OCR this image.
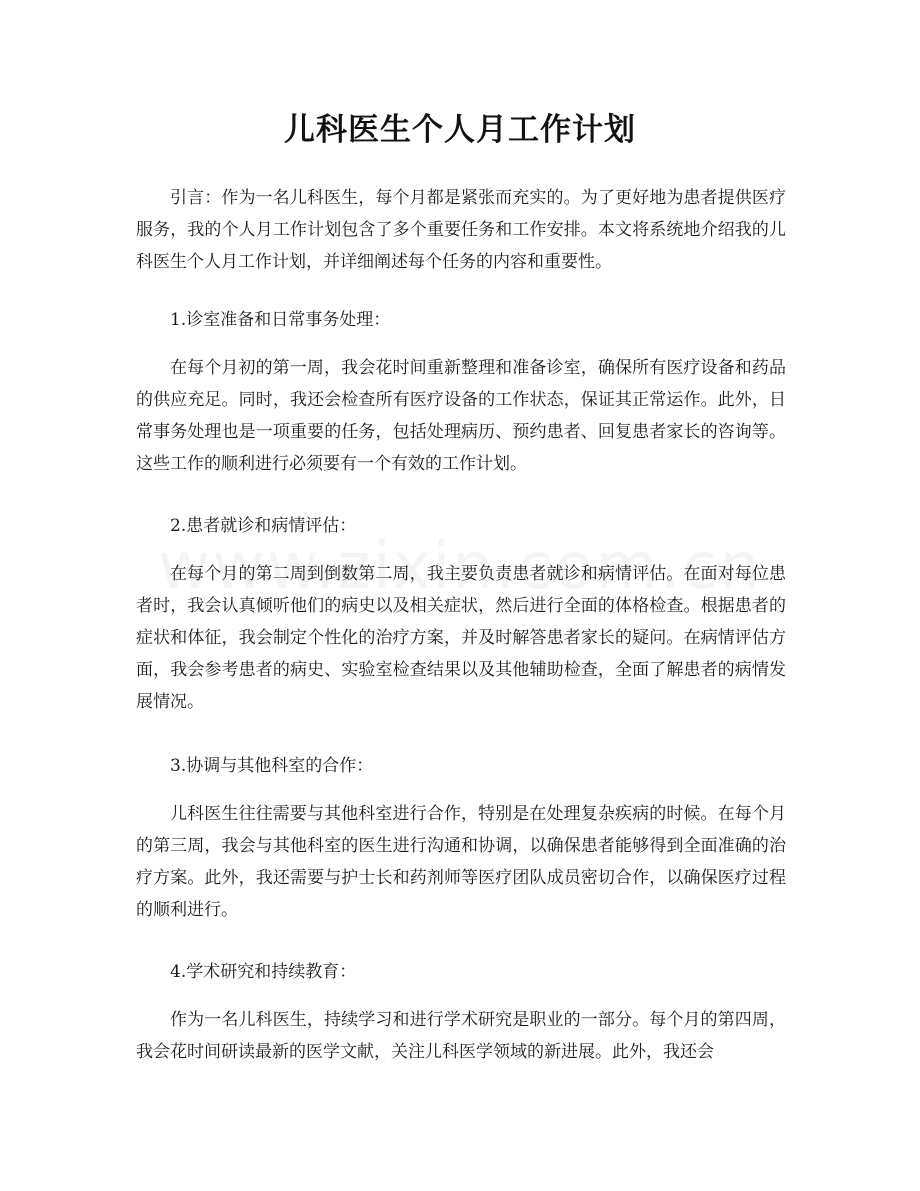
儿科医生个人月工作计划

引言：作为一名儿科医生，每个月都是紧张而充实的。为了更好地为患者提供医疗服务，我的个人月工作计划包含了多个重要任务和工作安排。本文将系统地介绍我的儿科医生个人月工作计划，并详细阐述每个任务的内容和重要性。

1.诊室准备和日常事务处理：

在每个月初的第一周，我会花时间重新整理和准备诊室，确保所有医疗设备和药品的供应充足。同时，我还会检查所有医疗设备的工作状态，保证其正常运作。此外，日常事务处理也是一项重要的任务，包括处理病历、预约患者、回复患者家长的咨询等。这些工作的顺利进行必须要有一个有效的工作计划。

2.患者就诊和病情评估：

在每个月的第二周到倒数第二周，我主要负责患者就诊和病情评估。在面对每位患者时，我会认真倾听他们的病史以及相关症状，然后进行全面的体格检查。根据患者的症状和体征，我会制定个性化的治疗方案，并及时解答患者家长的疑问。在病情评估方面，我会参考患者的病史、实验室检查结果以及其他辅助检查，全面了解患者的病情发展情况。

3.协调与其他科室的合作：

儿科医生往往需要与其他科室进行合作，特别是在处理复杂疾病的时候。在每个月的第三周，我会与其他科室的医生进行沟通和协调，以确保患者能够得到全面准确的治疗方案。此外，我还需要与护士长和药剂师等医疗团队成员密切合作，以确保医疗过程的顺利进行。

4.学术研究和持续教育：

作为一名儿科医生，持续学习和进行学术研究是职业的一部分。每个月的第四周，我会花时间研读最新的医学文献，关注儿科医学领域的新进展。此外，我还会
